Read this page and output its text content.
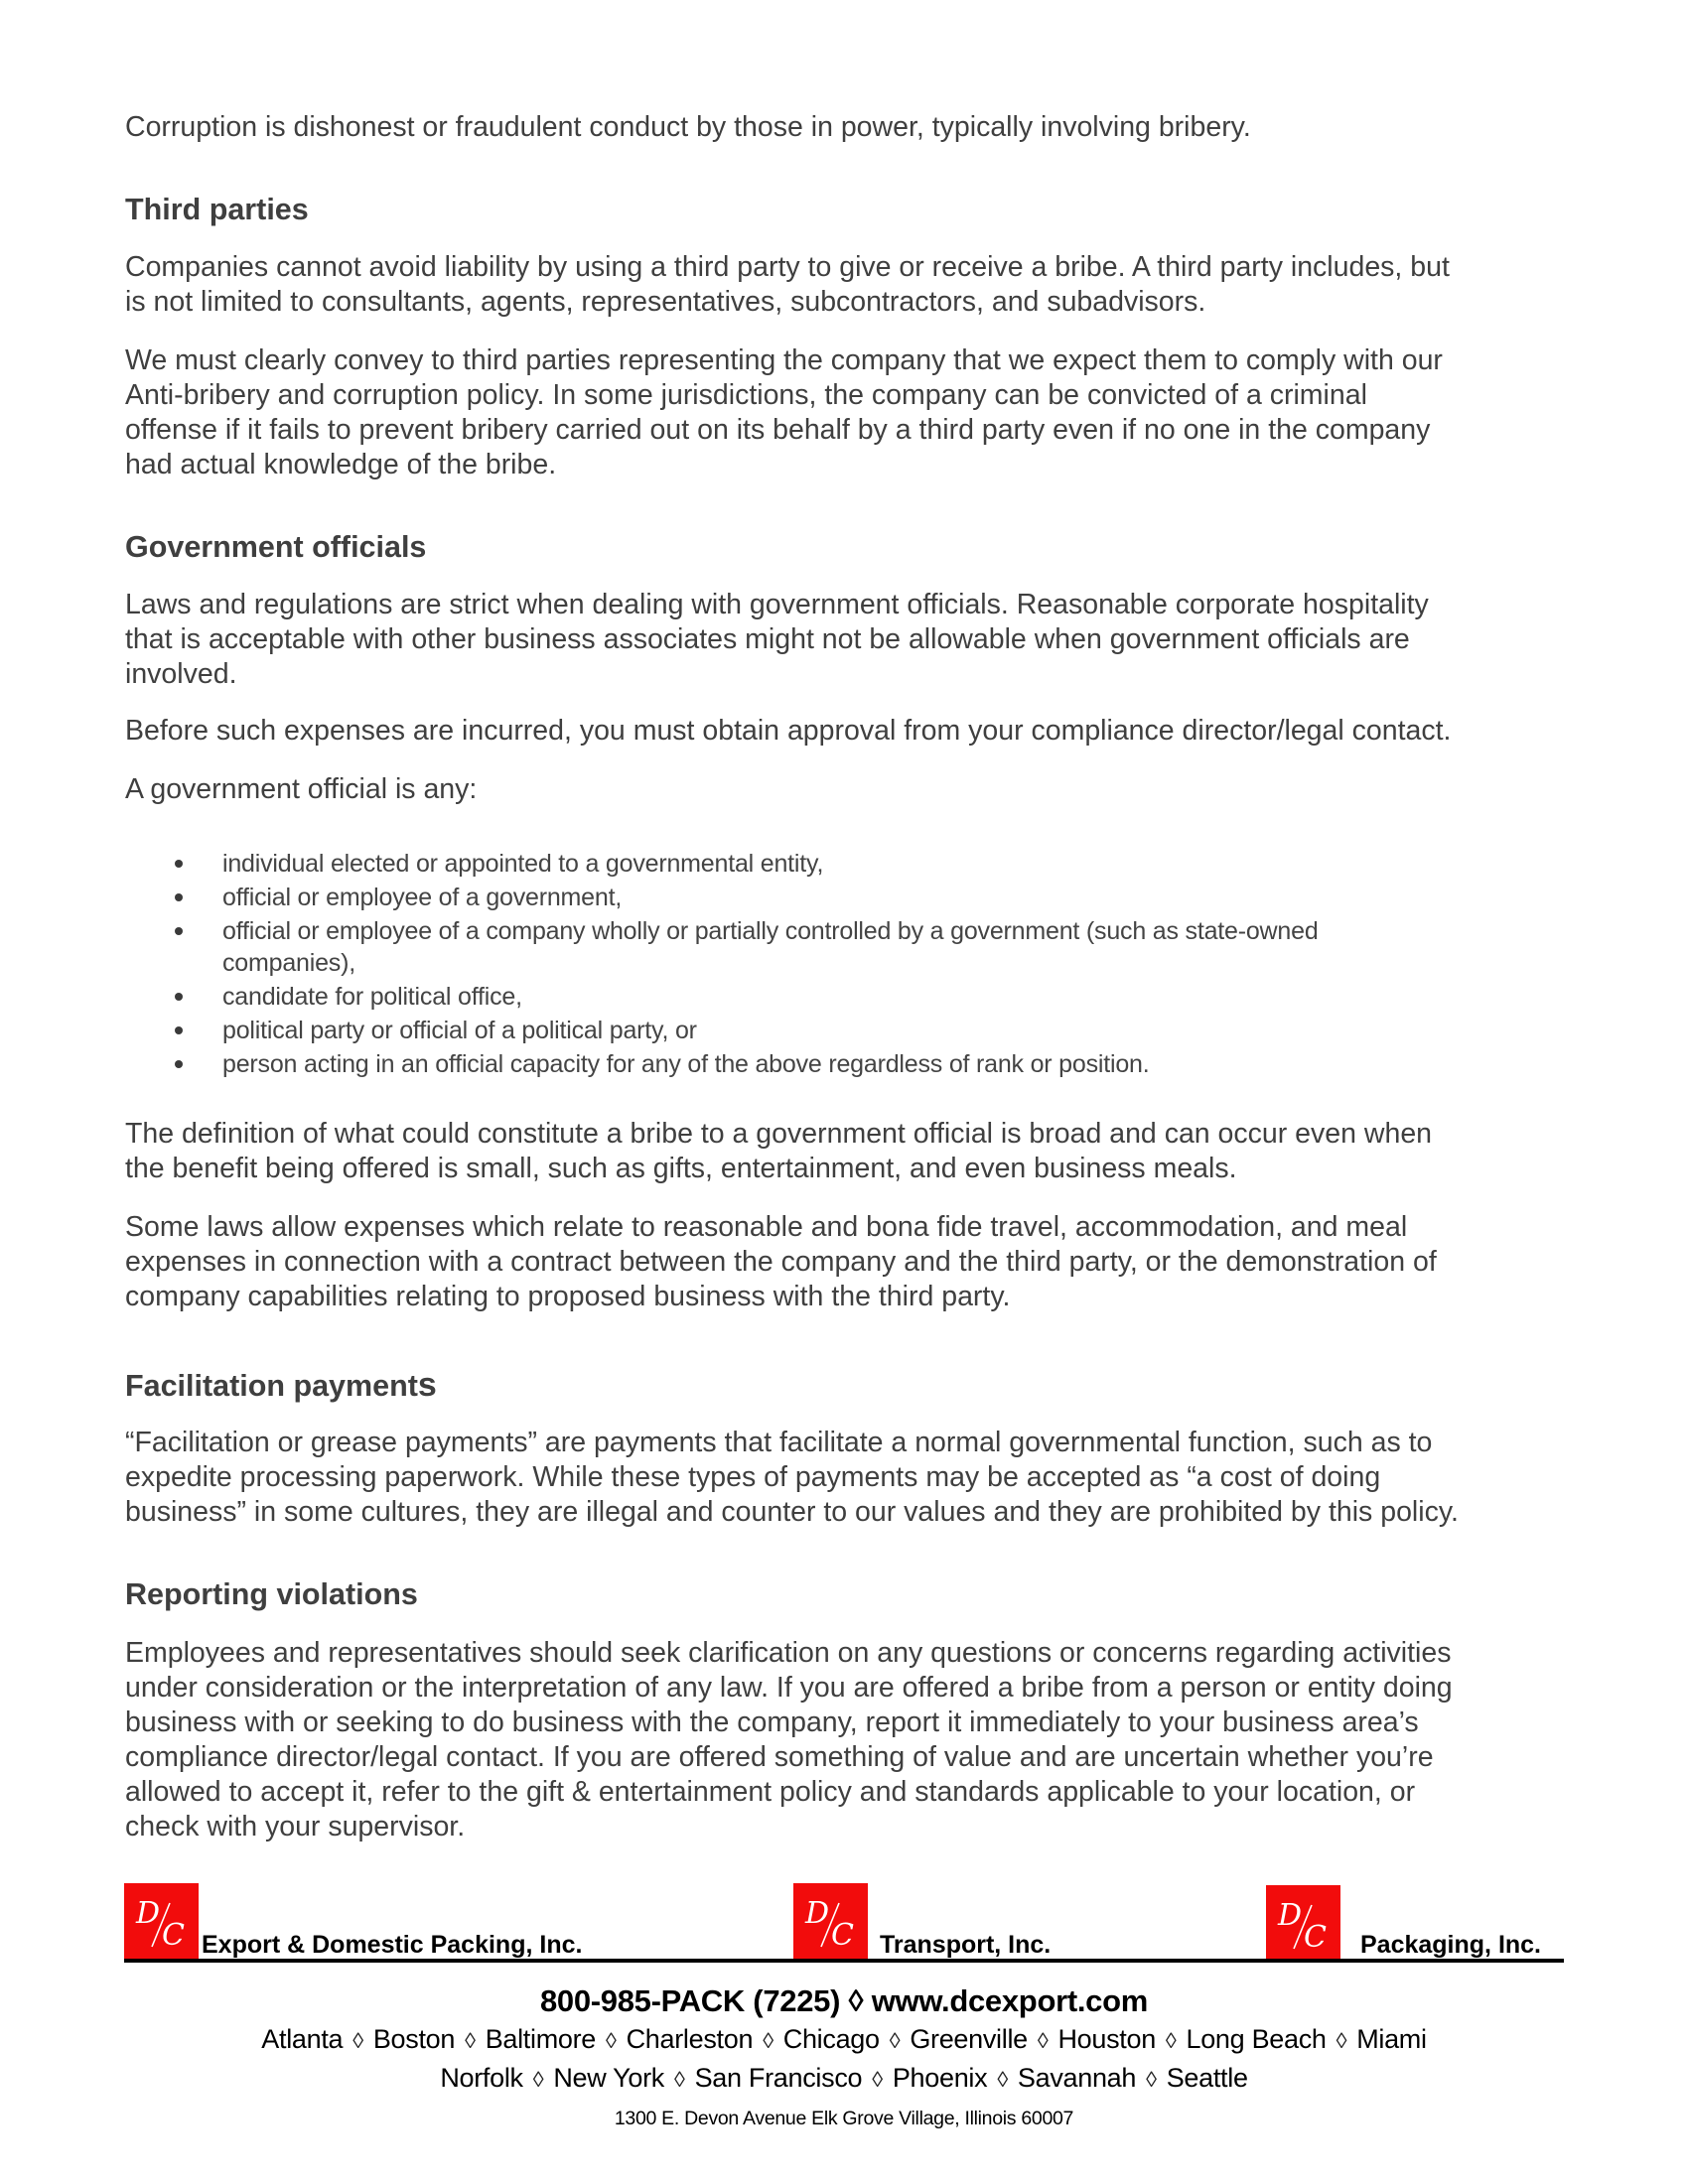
Corruption is dishonest or fraudulent conduct by those in power, typically involving bribery.
Third parties
Companies cannot avoid liability by using a third party to give or receive a bribe. A third party includes, but
is not limited to consultants, agents, representatives, subcontractors, and subadvisors.
We must clearly convey to third parties representing the company that we expect them to comply with our
Anti-bribery and corruption policy. In some jurisdictions, the company can be convicted of a criminal
offense if it fails to prevent bribery carried out on its behalf by a third party even if no one in the company
had actual knowledge of the bribe.
Government officials
Laws and regulations are strict when dealing with government officials. Reasonable corporate hospitality
that is acceptable with other business associates might not be allowable when government officials are
involved.
Before such expenses are incurred, you must obtain approval from your compliance director/legal contact.
A government official is any:
individual elected or appointed to a governmental entity,
official or employee of a government,
official or employee of a company wholly or partially controlled by a government (such as state-owned
companies),
candidate for political office,
political party or official of a political party, or
person acting in an official capacity for any of the above regardless of rank or position.
The definition of what could constitute a bribe to a government official is broad and can occur even when
the benefit being offered is small, such as gifts, entertainment, and even business meals.
Some laws allow expenses which relate to reasonable and bona fide travel, accommodation, and meal
expenses in connection with a contract between the company and the third party, or the demonstration of
company capabilities relating to proposed business with the third party.
Facilitation payments
“Facilitation or grease payments” are payments that facilitate a normal governmental function, such as to
expedite processing paperwork. While these types of payments may be accepted as “a cost of doing
business” in some cultures, they are illegal and counter to our values and they are prohibited by this policy.
Reporting violations
Employees and representatives should seek clarification on any questions or concerns regarding activities
under consideration or the interpretation of any law. If you are offered a bribe from a person or entity doing
business with or seeking to do business with the company, report it immediately to your business area’s
compliance director/legal contact. If you are offered something of value and are uncertain whether you’re
allowed to accept it, refer to the gift & entertainment policy and standards applicable to your location, or
check with your supervisor.
D
C Export & Domestic Packing, Inc.
D
C Transport, Inc.
D
C Packaging, Inc.
800-985-PACK (7225) ◊ www.dcexport.com
Atlanta ◊ Boston ◊ Baltimore ◊ Charleston ◊ Chicago ◊ Greenville ◊ Houston ◊ Long Beach ◊ Miami
Norfolk ◊ New York ◊ San Francisco ◊ Phoenix ◊ Savannah ◊ Seattle
1300 E. Devon Avenue Elk Grove Village, Illinois 60007
